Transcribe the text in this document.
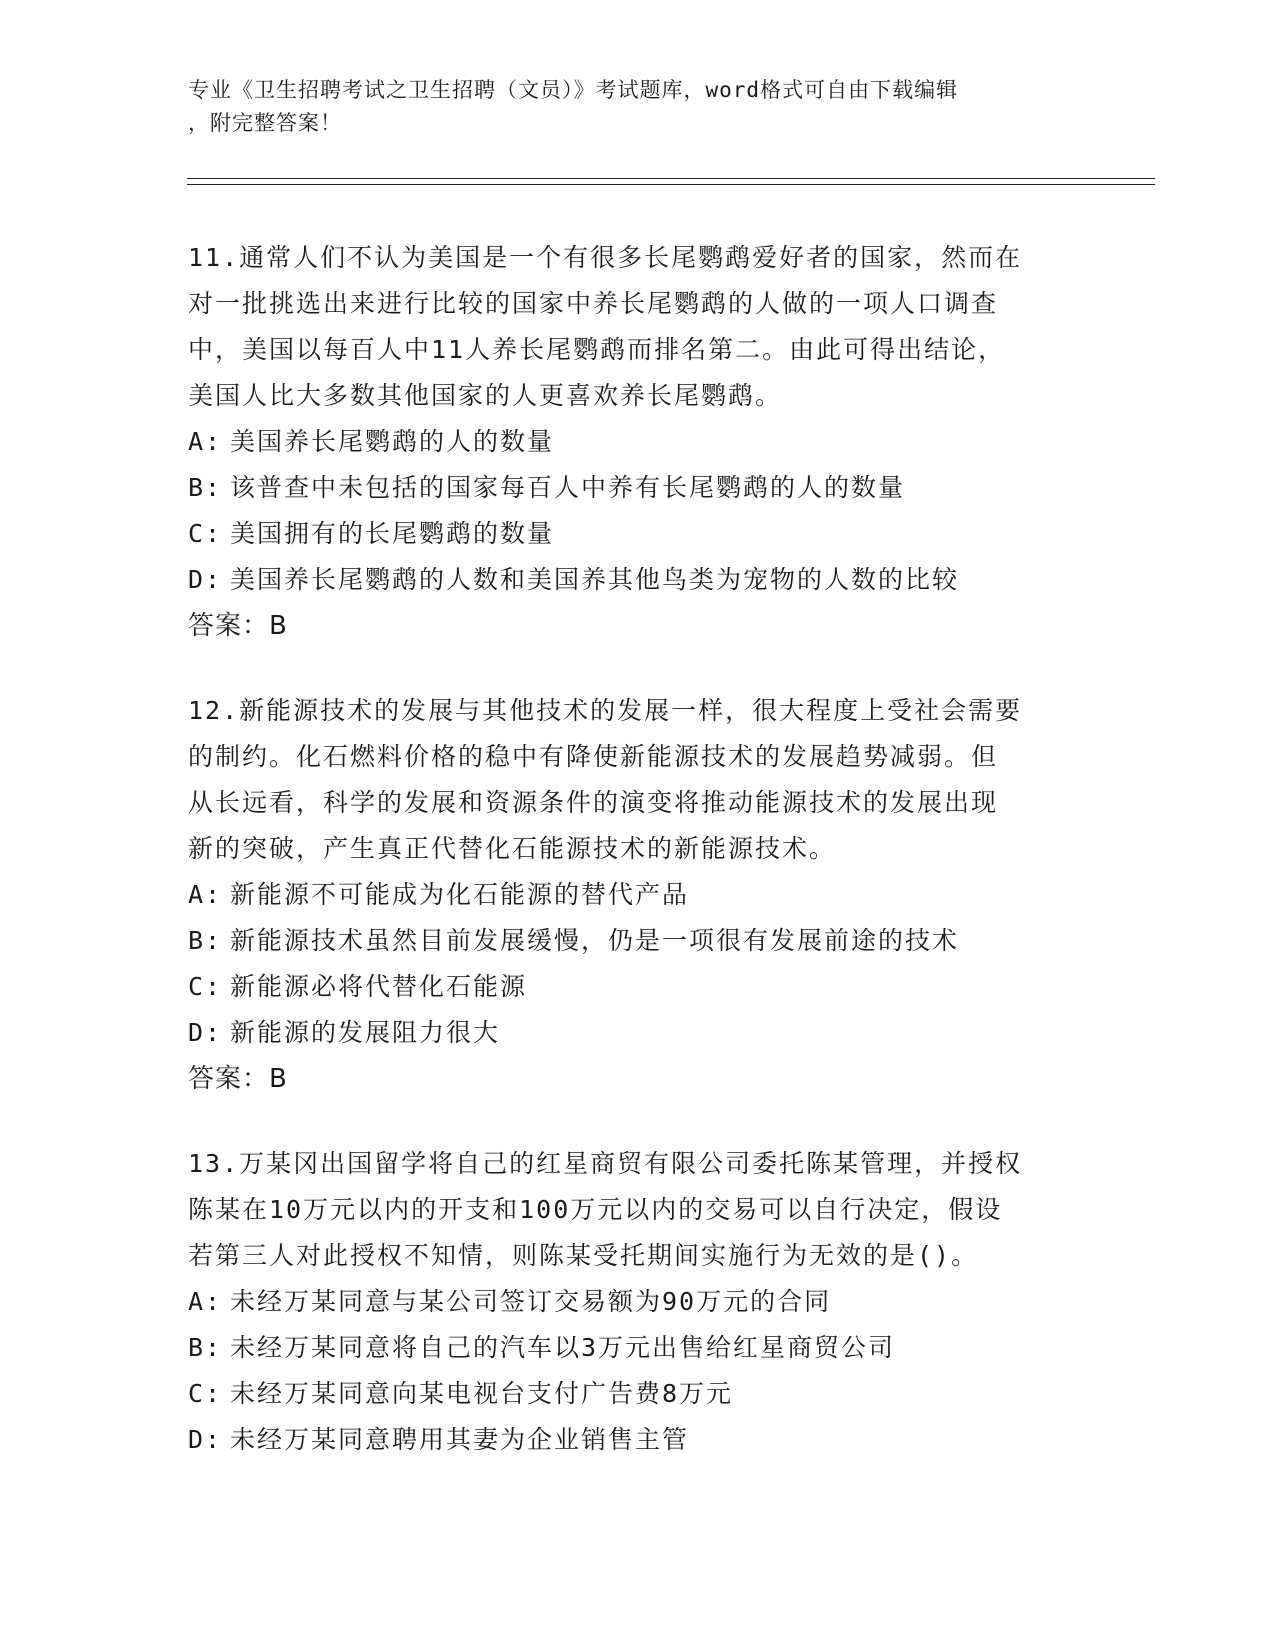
专业《卫生招聘考试之卫生招聘（文员）》考试题库，word格式可自由下载编辑
，附完整答案！
11.通常人们不认为美国是一个有很多长尾鹦鹉爱好者的国家，然而在
对一批挑选出来进行比较的国家中养长尾鹦鹉的人做的一项人口调查
中，美国以每百人中11人养长尾鹦鹉而排名第二。由此可得出结论，
美国人比大多数其他国家的人更喜欢养长尾鹦鹉。
A: 美国养长尾鹦鹉的人的数量
B: 该普查中未包括的国家每百人中养有长尾鹦鹉的人的数量
C: 美国拥有的长尾鹦鹉的数量
D: 美国养长尾鹦鹉的人数和美国养其他鸟类为宠物的人数的比较
答案：B
12.新能源技术的发展与其他技术的发展一样，很大程度上受社会需要
的制约。化石燃料价格的稳中有降使新能源技术的发展趋势减弱。但
从长远看，科学的发展和资源条件的演变将推动能源技术的发展出现
新的突破，产生真正代替化石能源技术的新能源技术。
A: 新能源不可能成为化石能源的替代产品
B: 新能源技术虽然目前发展缓慢，仍是一项很有发展前途的技术
C: 新能源必将代替化石能源
D: 新能源的发展阻力很大
答案：B
13.万某冈出国留学将自己的红星商贸有限公司委托陈某管理，并授权
陈某在10万元以内的开支和100万元以内的交易可以自行决定，假设
若第三人对此授权不知情，则陈某受托期间实施行为无效的是()。
A: 未经万某同意与某公司签订交易额为90万元的合同
B: 未经万某同意将自己的汽车以3万元出售给红星商贸公司
C: 未经万某同意向某电视台支付广告费8万元
D: 未经万某同意聘用其妻为企业销售主管
